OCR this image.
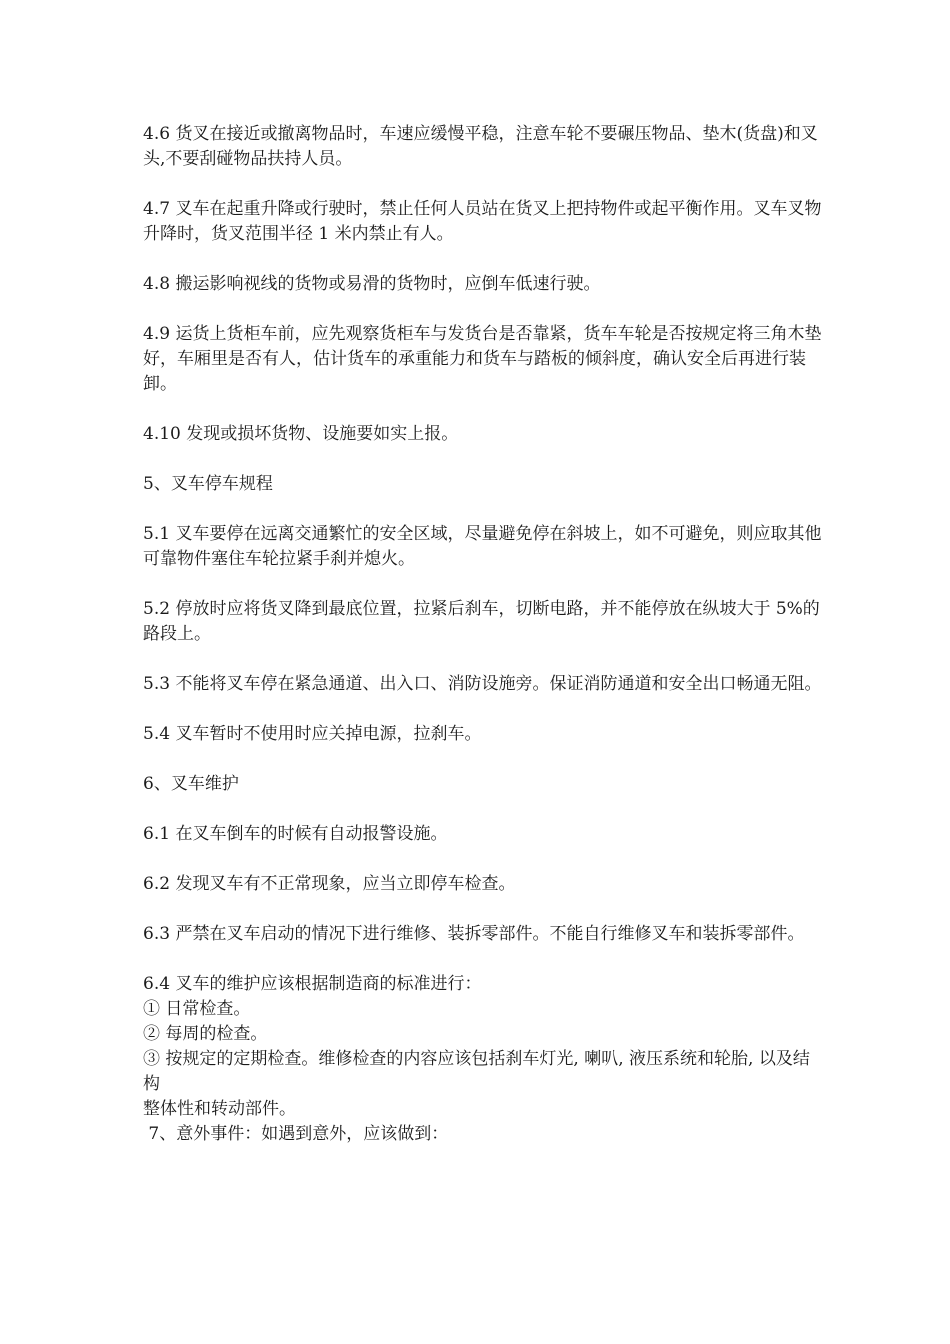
4.6 货叉在接近或撤离物品时，车速应缓慢平稳，注意车轮不要碾压物品、垫木(货盘)和叉头,不要刮碰物品扶持人员。

4.7 叉车在起重升降或行驶时，禁止任何人员站在货叉上把持物件或起平衡作用。叉车叉物升降时，货叉范围半径 1 米内禁止有人。

4.8 搬运影响视线的货物或易滑的货物时，应倒车低速行驶。

4.9 运货上货柜车前，应先观察货柜车与发货台是否靠紧，货车车轮是否按规定将三角木垫好，车厢里是否有人，估计货车的承重能力和货车与踏板的倾斜度，确认安全后再进行装卸。

4.10 发现或损坏货物、设施要如实上报。

5、叉车停车规程

5.1 叉车要停在远离交通繁忙的安全区域，尽量避免停在斜坡上，如不可避免，则应取其他可靠物件塞住车轮拉紧手刹并熄火。

5.2 停放时应将货叉降到最底位置，拉紧后刹车，切断电路，并不能停放在纵坡大于 5%的路段上。

5.3 不能将叉车停在紧急通道、出入口、消防设施旁。保证消防通道和安全出口畅通无阻。

5.4 叉车暂时不使用时应关掉电源，拉刹车。

6、叉车维护

6.1 在叉车倒车的时候有自动报警设施。

6.2 发现叉车有不正常现象，应当立即停车检查。

6.3 严禁在叉车启动的情况下进行维修、装拆零部件。不能自行维修叉车和装拆零部件。

6.4 叉车的维护应该根据制造商的标准进行：

① 日常检查。

② 每周的检查。

③ 按规定的定期检查。维修检查的内容应该包括刹车灯光, 喇叭, 液压系统和轮胎, 以及结构

整体性和转动部件。

7、意外事件：如遇到意外，应该做到：
